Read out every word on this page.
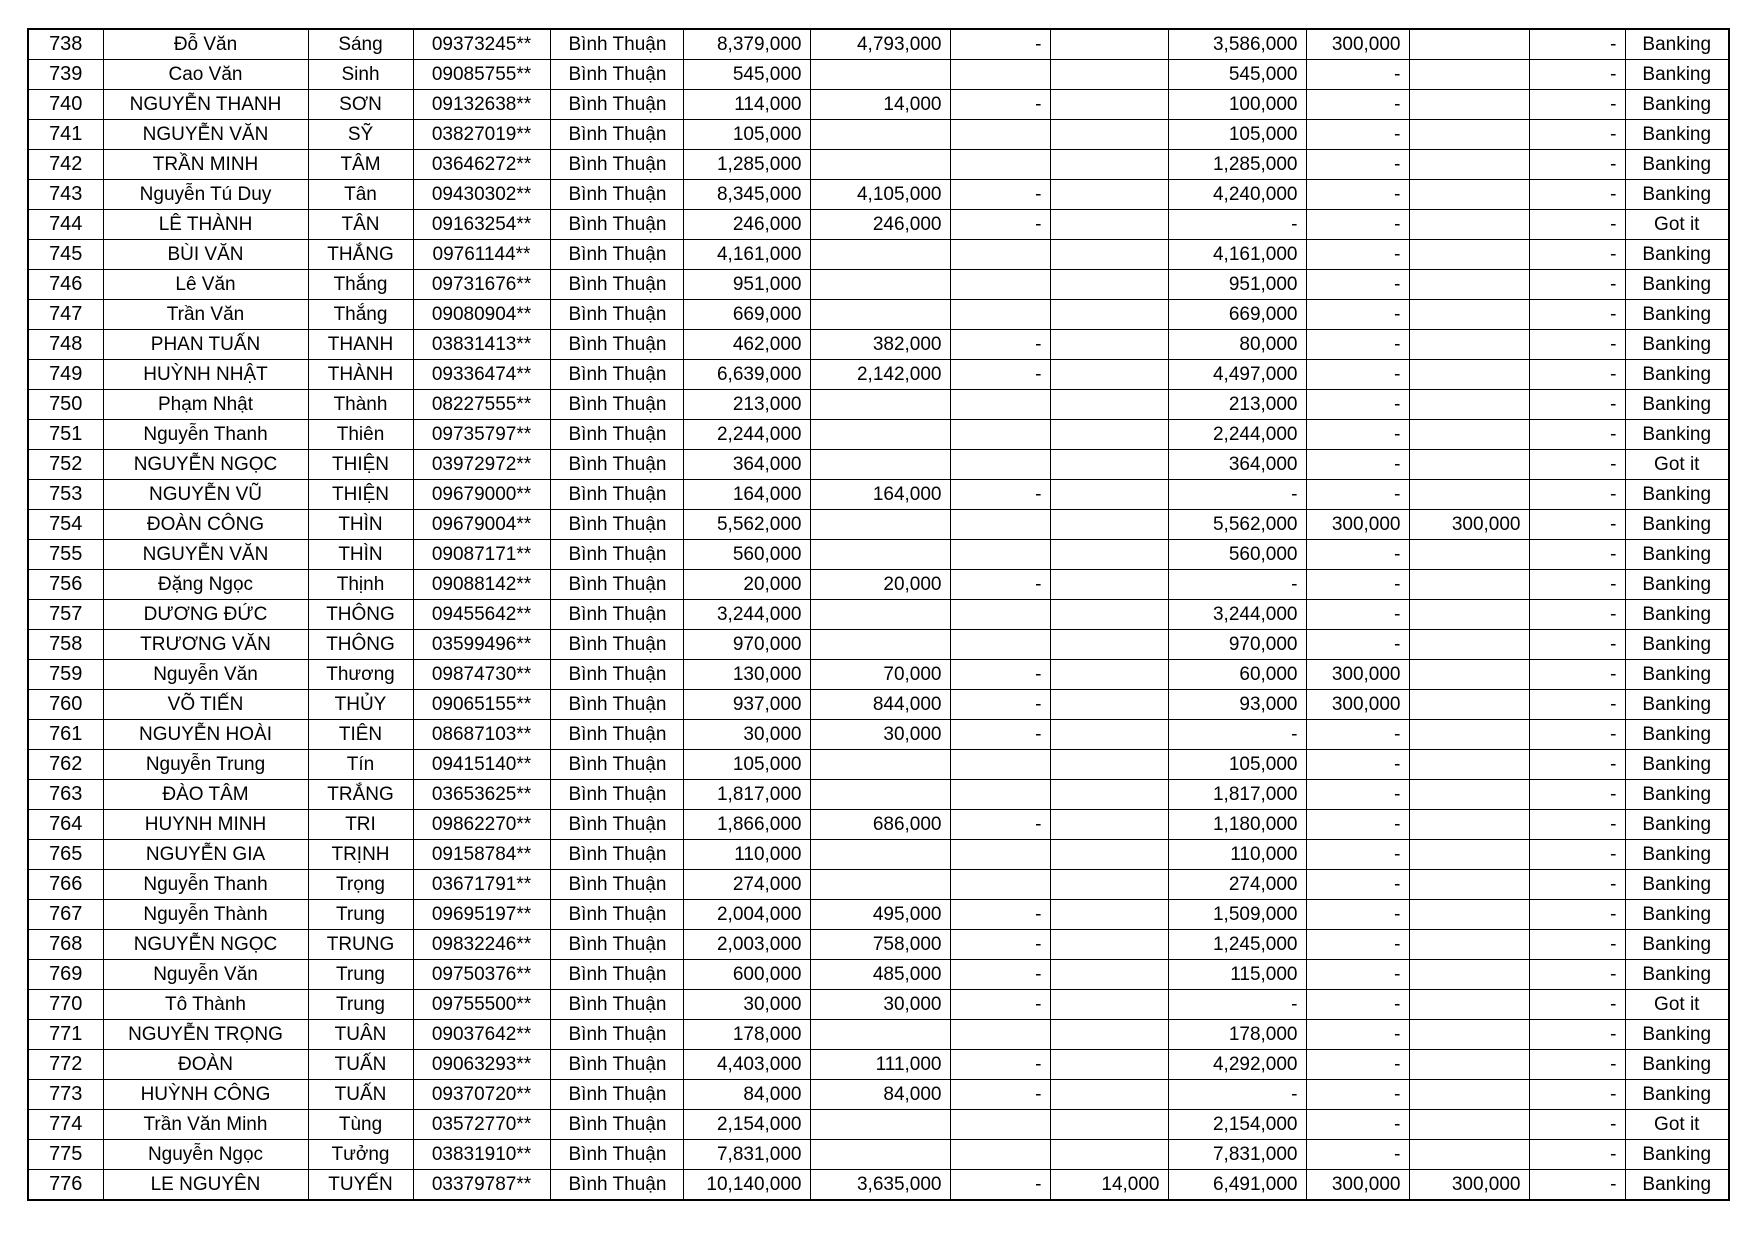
738	Đỗ Văn	Sáng	09373245**	Bình Thuận	8,379,000	4,793,000	-		3,586,000	300,000		-	Banking
739	Cao Văn	Sinh	09085755**	Bình Thuận	545,000				545,000	-		-	Banking
740	NGUYỄN THANH	SƠN	09132638**	Bình Thuận	114,000	14,000	-		100,000	-		-	Banking
741	NGUYỄN VĂN	SỸ	03827019**	Bình Thuận	105,000				105,000	-		-	Banking
742	TRẦN MINH	TÂM	03646272**	Bình Thuận	1,285,000				1,285,000	-		-	Banking
743	Nguyễn Tú Duy	Tân	09430302**	Bình Thuận	8,345,000	4,105,000	-		4,240,000	-		-	Banking
744	LÊ THÀNH	TÂN	09163254**	Bình Thuận	246,000	246,000	-		-	-		-	Got it
745	BÙI VĂN	THẮNG	09761144**	Bình Thuận	4,161,000				4,161,000	-		-	Banking
746	Lê Văn	Thắng	09731676**	Bình Thuận	951,000				951,000	-		-	Banking
747	Trần Văn	Thắng	09080904**	Bình Thuận	669,000				669,000	-		-	Banking
748	PHAN TUẤN	THANH	03831413**	Bình Thuận	462,000	382,000	-		80,000	-		-	Banking
749	HUỲNH NHẬT	THÀNH	09336474**	Bình Thuận	6,639,000	2,142,000	-		4,497,000	-		-	Banking
750	Phạm Nhật	Thành	08227555**	Bình Thuận	213,000				213,000	-		-	Banking
751	Nguyễn Thanh	Thiên	09735797**	Bình Thuận	2,244,000				2,244,000	-		-	Banking
752	NGUYỄN NGỌC	THIỆN	03972972**	Bình Thuận	364,000				364,000	-		-	Got it
753	NGUYỄN VŨ	THIỆN	09679000**	Bình Thuận	164,000	164,000	-		-	-		-	Banking
754	ĐOÀN CÔNG	THÌN	09679004**	Bình Thuận	5,562,000				5,562,000	300,000	300,000	-	Banking
755	NGUYỄN VĂN	THÌN	09087171**	Bình Thuận	560,000				560,000	-		-	Banking
756	Đặng Ngọc	Thịnh	09088142**	Bình Thuận	20,000	20,000	-		-	-		-	Banking
757	DƯƠNG ĐỨC	THÔNG	09455642**	Bình Thuận	3,244,000				3,244,000	-		-	Banking
758	TRƯƠNG VĂN	THÔNG	03599496**	Bình Thuận	970,000				970,000	-		-	Banking
759	Nguyễn Văn	Thương	09874730**	Bình Thuận	130,000	70,000	-		60,000	300,000		-	Banking
760	VÕ TIẾN	THỦY	09065155**	Bình Thuận	937,000	844,000	-		93,000	300,000		-	Banking
761	NGUYỄN HOÀI	TIÊN	08687103**	Bình Thuận	30,000	30,000	-		-	-		-	Banking
762	Nguyễn Trung	Tín	09415140**	Bình Thuận	105,000				105,000	-		-	Banking
763	ĐÀO TÂM	TRẮNG	03653625**	Bình Thuận	1,817,000				1,817,000	-		-	Banking
764	HUYNH MINH	TRI	09862270**	Bình Thuận	1,866,000	686,000	-		1,180,000	-		-	Banking
765	NGUYỄN GIA	TRỊNH	09158784**	Bình Thuận	110,000				110,000	-		-	Banking
766	Nguyễn Thanh	Trọng	03671791**	Bình Thuận	274,000				274,000	-		-	Banking
767	Nguyễn Thành	Trung	09695197**	Bình Thuận	2,004,000	495,000	-		1,509,000	-		-	Banking
768	NGUYỄN NGỌC	TRUNG	09832246**	Bình Thuận	2,003,000	758,000	-		1,245,000	-		-	Banking
769	Nguyễn Văn	Trung	09750376**	Bình Thuận	600,000	485,000	-		115,000	-		-	Banking
770	Tô Thành	Trung	09755500**	Bình Thuận	30,000	30,000	-		-	-		-	Got it
771	NGUYỄN TRỌNG	TUÂN	09037642**	Bình Thuận	178,000				178,000	-		-	Banking
772	ĐOÀN	TUẤN	09063293**	Bình Thuận	4,403,000	111,000	-		4,292,000	-		-	Banking
773	HUỲNH CÔNG	TUẤN	09370720**	Bình Thuận	84,000	84,000	-		-	-		-	Banking
774	Trần Văn Minh	Tùng	03572770**	Bình Thuận	2,154,000				2,154,000	-		-	Got it
775	Nguyễn Ngọc	Tưởng	03831910**	Bình Thuận	7,831,000				7,831,000	-		-	Banking
776	LE NGUYÊN	TUYẾN	03379787**	Bình Thuận	10,140,000	3,635,000	-	14,000	6,491,000	300,000	300,000	-	Banking
